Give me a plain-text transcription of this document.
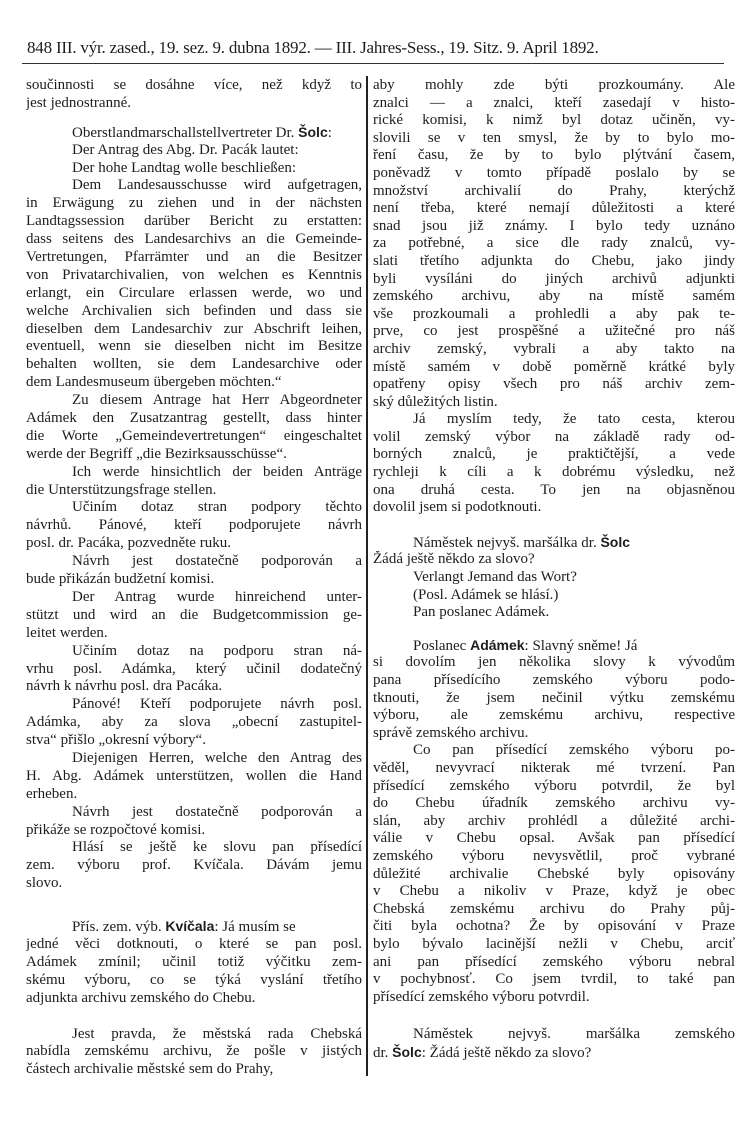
848 III. výr. zased., 19. sez. 9. dubna 1892. — III. Jahres-Sess., 19. Sitz. 9. April 1892.
součinnosti se dosáhne více, než když to
jest jednostranné.
Oberstlandmarschallstellvertreter Dr. Šolc:
Der Antrag des Abg. Dr. Pacák lautet:
Der hohe Landtag wolle beschließen:
Dem Landesausschusse wird aufgetragen,
in Erwägung zu ziehen und in der nächsten
Landtagssession darüber Bericht zu erstatten:
dass seitens des Landesarchivs an die Gemeinde-
Vertretungen, Pfarrämter und an die Besitzer
von Privatarchivalien, von welchen es Kenntnis
erlangt, ein Circulare erlassen werde, wo und
welche Archivalien sich befinden und dass sie
dieselben dem Landesarchiv zur Abschrift leihen,
eventuell, wenn sie dieselben nicht im Besitze
behalten wollten, sie dem Landesarchive oder
dem Landesmuseum übergeben möchten.“
Zu diesem Antrage hat Herr Abgeordneter
Adámek den Zusatzantrag gestellt, dass hinter
die Worte „Gemeindevertretungen“ eingeschaltet
werde der Begriff „die Bezirksausschüsse“.
Ich werde hinsichtlich der beiden Anträge
die Unterstützungsfrage stellen.
Učiním dotaz stran podpory těchto
návrhů. Pánové, kteří podporujete návrh
posl. dr. Pacáka, pozvedněte ruku.
Návrh jest dostatečně podporován a
bude přikázán budžetní komisi.
Der Antrag wurde hinreichend unter-
stützt und wird an die Budgetcommission ge-
leitet werden.
Učiním dotaz na podporu stran ná-
vrhu posl. Adámka, který učinil dodatečný
návrh k návrhu posl. dra Pacáka.
Pánové! Kteří podporujete návrh posl.
Adámka, aby za slova „obecní zastupitel-
stva“ přišlo „okresní výbory“.
Diejenigen Herren, welche den Antrag des
H. Abg. Adámek unterstützen, wollen die Hand
erheben.
Návrh jest dostatečně podporován a
přikáže se rozpočtové komisi.
Hlásí se ještě ke slovu pan přísedící
zem. výboru prof. Kvíčala. Dávám jemu
slovo.
Přís. zem. výb. Kvíčala: Já musím se
jedné věci dotknouti, o které se pan posl.
Adámek zmínil; učinil totiž výčitku zem-
skému výboru, co se týká vyslání třetího
adjunkta archivu zemského do Chebu.
Jest pravda, že městská rada Chebská
nabídla zemskému archivu, že pošle v jistých
částech archivalie městské sem do Prahy,
aby mohly zde býti prozkoumány. Ale
znalci — a znalci, kteří zasedají v histo-
rické komisi, k nimž byl dotaz učiněn, vy-
slovili se v ten smysl, že by to bylo mo-
ření času, že by to bylo plýtvání časem,
poněvadž v tomto případě poslalo by se
množství archivalií do Prahy, kterýchž
není třeba, které nemají důležitosti a které
snad jsou již známy. I bylo tedy uznáno
za potřebné, a sice dle rady znalců, vy-
slati třetího adjunkta do Chebu, jako jindy
byli vysíláni do jiných archivů adjunkti
zemského archivu, aby na místě samém
vše prozkoumali a prohledli a aby pak te-
prve, co jest prospěšné a užitečné pro náš
archiv zemský, vybrali a aby takto na
místě samém v době poměrně krátké byly
opatřeny opisy všech pro náš archiv zem-
ský důležitých listin.
Já myslím tedy, že tato cesta, kterou
volil zemský výbor na základě rady od-
borných znalců, je praktičtější, a vede
rychleji k cíli a k dobrému výsledku, než
ona druhá cesta. To jen na objasněnou
dovolil jsem si podotknouti.
Náměstek nejvyš. maršálka dr. Šolc
Žádá ještě někdo za slovo?
Verlangt Jemand das Wort?
(Posl. Adámek se hlásí.)
Pan poslanec Adámek.
Poslanec Adámek: Slavný sněme! Já
si dovolím jen několika slovy k vývodům
pana přísedícího zemského výboru podo-
tknouti, že jsem nečinil výtku zemskému
výboru, ale zemskému archivu, respective
správě zemského archivu.
Co pan přísedící zemského výboru po-
věděl, nevyvrací nikterak mé tvrzení. Pan
přísedící zemského výboru potvrdil, že byl
do Chebu úřadník zemského archivu vy-
slán, aby archiv prohlédl a důležité archi-
válie v Chebu opsal. Avšak pan přísedící
zemského výboru nevysvětlil, proč vybrané
důležité archivalie Chebské byly opisovány
v Chebu a nikoliv v Praze, když je obec
Chebská zemskému archivu do Prahy půj-
čiti byla ochotna? Že by opisování v Praze
bylo bývalo lacinější nežli v Chebu, arciť
ani pan přísedící zemského výboru nebral
v pochybnosť. Co jsem tvrdil, to také pan
přísedící zemského výboru potvrdil.
Náměstek nejvyš. maršálka zemského
dr. Šolc: Žádá ještě někdo za slovo?
